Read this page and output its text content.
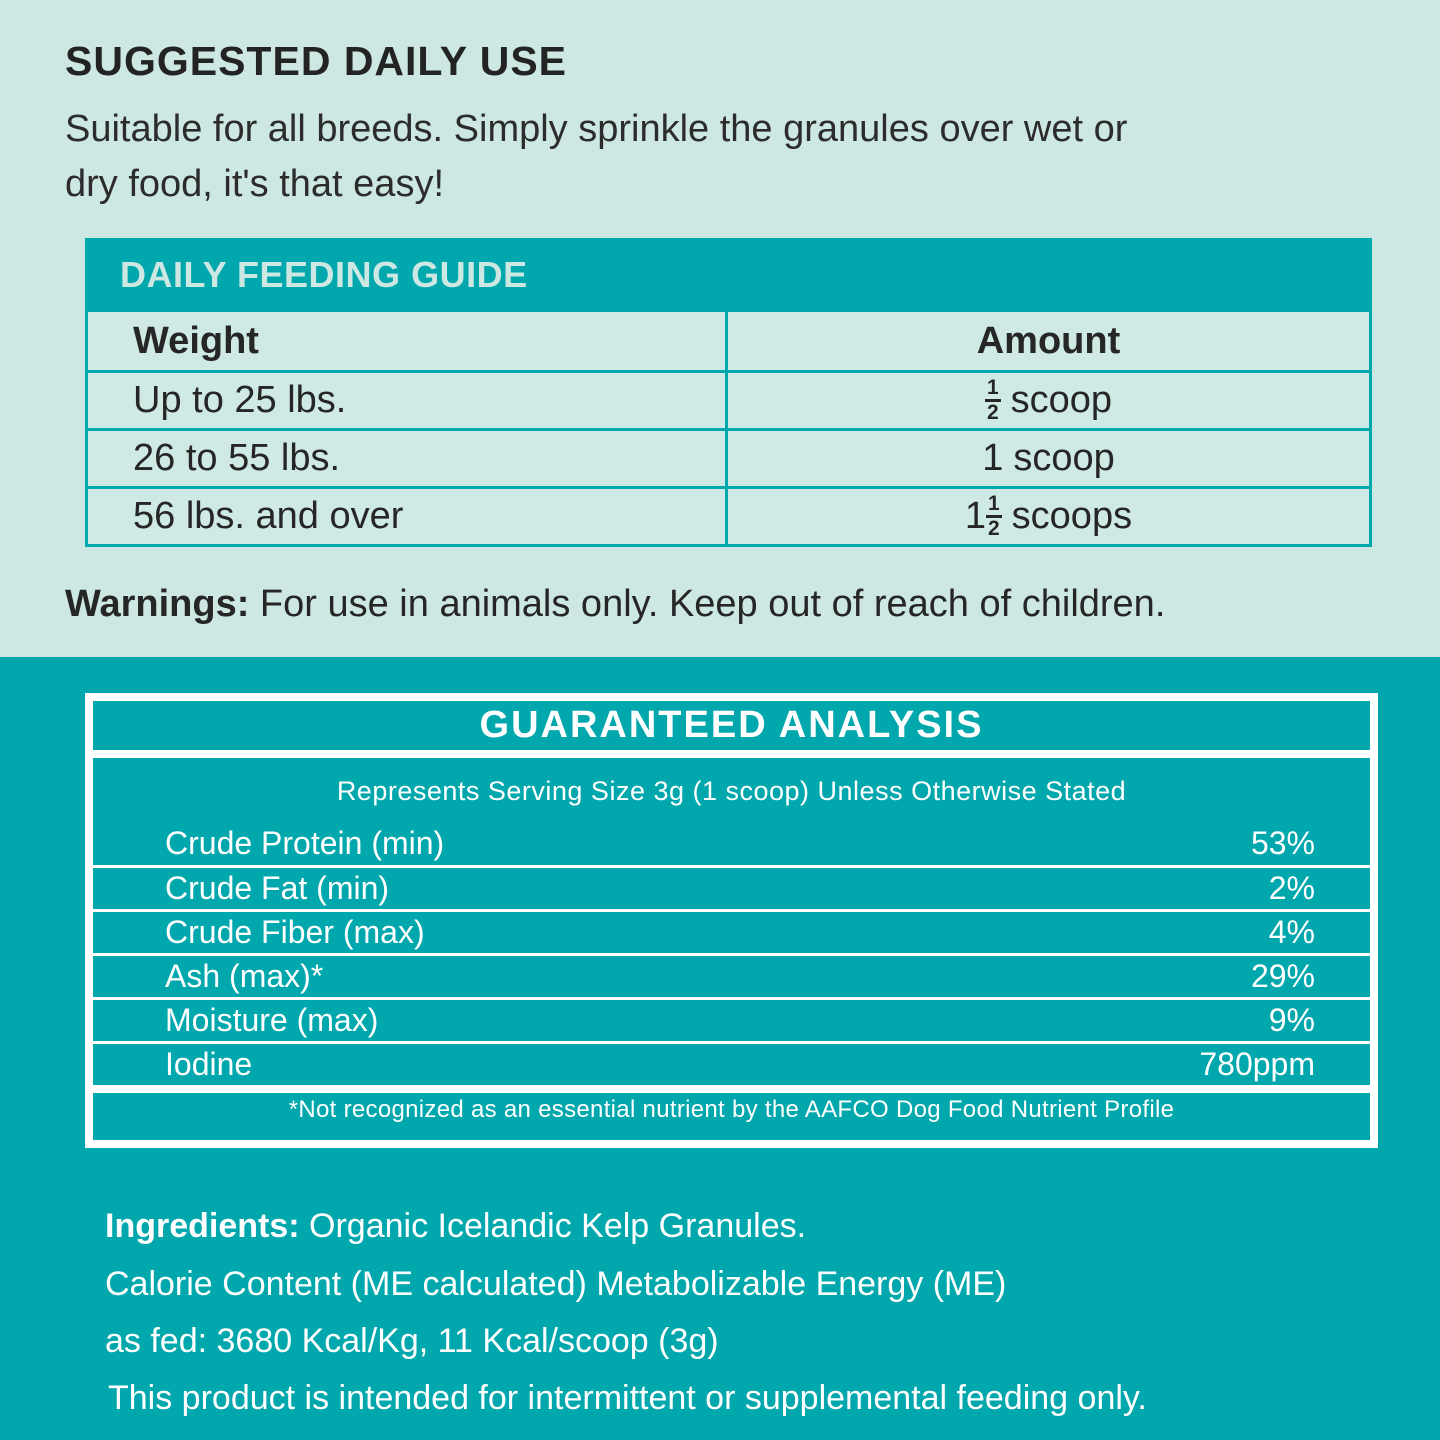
SUGGESTED DAILY USE

Suitable for all breeds. Simply sprinkle the granules over wet or
dry food, it's that easy!

DAILY FEEDING GUIDE
Weight	Amount
Up to 25 lbs.	$\frac{1}{2}$ scoop
26 to 55 lbs.	1 scoop
56 lbs. and over	$1 \frac{1}{2}$ scoops

Warnings: For use in animals only. Keep out of reach of children.

GUARANTEED ANALYSIS
Represents Serving Size 3g (1 scoop) Unless Otherwise Stated
Crude Protein (min)	53%
Crude Fat (min)	2%
Crude Fiber (max)	4%
Ash (max)*	29%
Moisture (max)	9%
Iodine	780ppm
*Not recognized as an essential nutrient by the AAFCO Dog Food Nutrient Profile

Ingredients: Organic Icelandic Kelp Granules.

Calorie Content (ME calculated) Metabolizable Energy (ME)

as fed: 3680 Kcal/Kg, 11 Kcal/scoop (3g)

This product is intended for intermittent or supplemental feeding only.
